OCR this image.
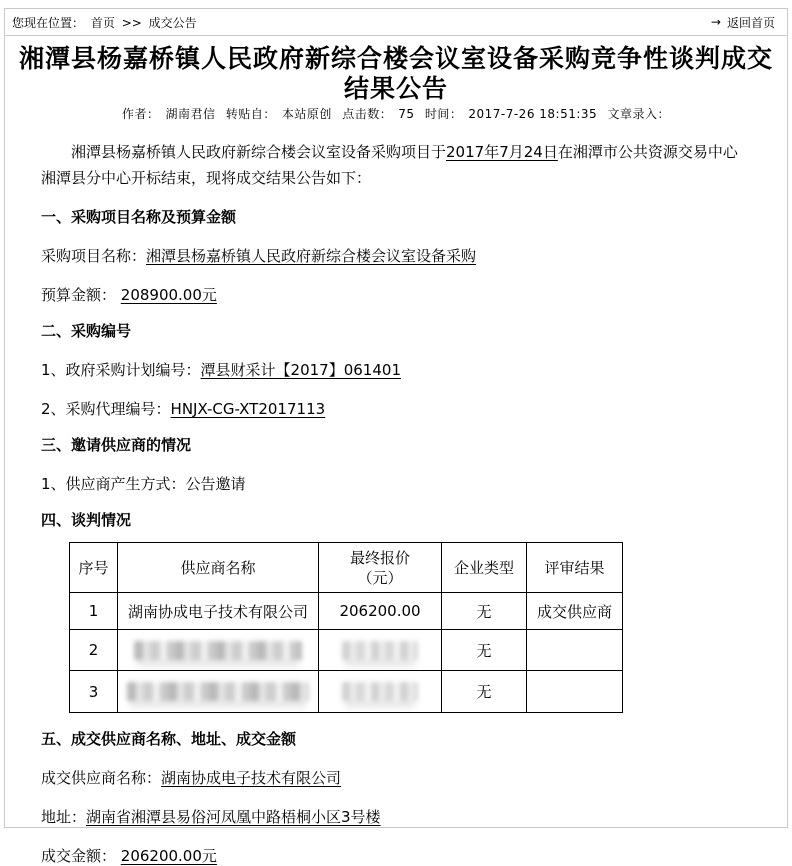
您现在位置： 首页 >> 成交公告	→ 返回首页
湘潭县杨嘉桥镇人民政府新综合楼会议室设备采购竞争性谈判成交结果公告
作者： 湖南君信 转贴自： 本站原创 点击数： 75 时间： 2017-7-26 18:51:35 文章录入：

湘潭县杨嘉桥镇人民政府新综合楼会议室设备采购项目于2017年7月24日在湘潭市公共资源交易中心湘潭县分中心开标结束，现将成交结果公告如下：

一、采购项目名称及预算金额

采购项目名称：湘潭县杨嘉桥镇人民政府新综合楼会议室设备采购

预算金额： 208900.00元

二、采购编号

1、政府采购计划编号：潭县财采计【2017】061401

2、采购代理编号：HNJX-CG-XT2017113

三、邀请供应商的情况

1、供应商产生方式：公告邀请

四、谈判情况
序号	供应商名称	最终报价
（元）	企业类型	评审结果
1	湖南协成电子技术有限公司	206200.00	无	成交供应商
2			无	
3			无	
五、成交供应商名称、地址、成交金额

成交供应商名称：湖南协成电子技术有限公司

地址：湖南省湘潭县易俗河凤凰中路梧桐小区3号楼

成交金额： 206200.00元
